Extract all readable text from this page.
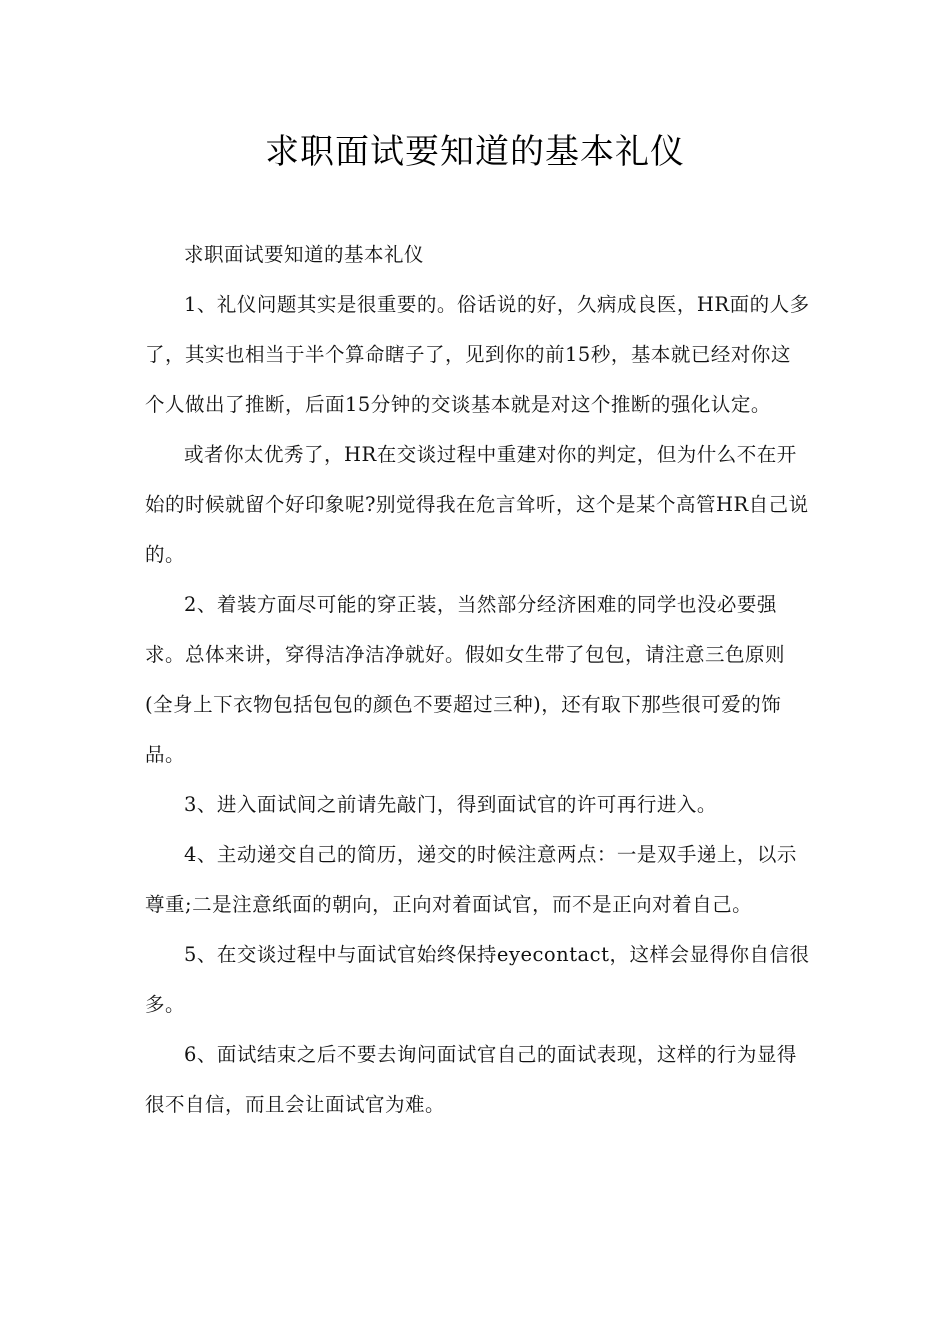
求职面试要知道的基本礼仪

求职面试要知道的基本礼仪

1、礼仪问题其实是很重要的。俗话说的好，久病成良医，HR面的人多了，其实也相当于半个算命瞎子了，见到你的前15秒，基本就已经对你这个人做出了推断，后面15分钟的交谈基本就是对这个推断的强化认定。

或者你太优秀了，HR在交谈过程中重建对你的判定，但为什么不在开始的时候就留个好印象呢?别觉得我在危言耸听，这个是某个高管HR自己说的。

2、着装方面尽可能的穿正装，当然部分经济困难的同学也没必要强求。总体来讲，穿得洁净洁净就好。假如女生带了包包，请注意三色原则(全身上下衣物包括包包的颜色不要超过三种)，还有取下那些很可爱的饰品。

3、进入面试间之前请先敲门，得到面试官的许可再行进入。

4、主动递交自己的简历，递交的时候注意两点：一是双手递上，以示尊重;二是注意纸面的朝向，正向对着面试官，而不是正向对着自己。

5、在交谈过程中与面试官始终保持eyecontact，这样会显得你自信很多。

6、面试结束之后不要去询问面试官自己的面试表现，这样的行为显得很不自信，而且会让面试官为难。
